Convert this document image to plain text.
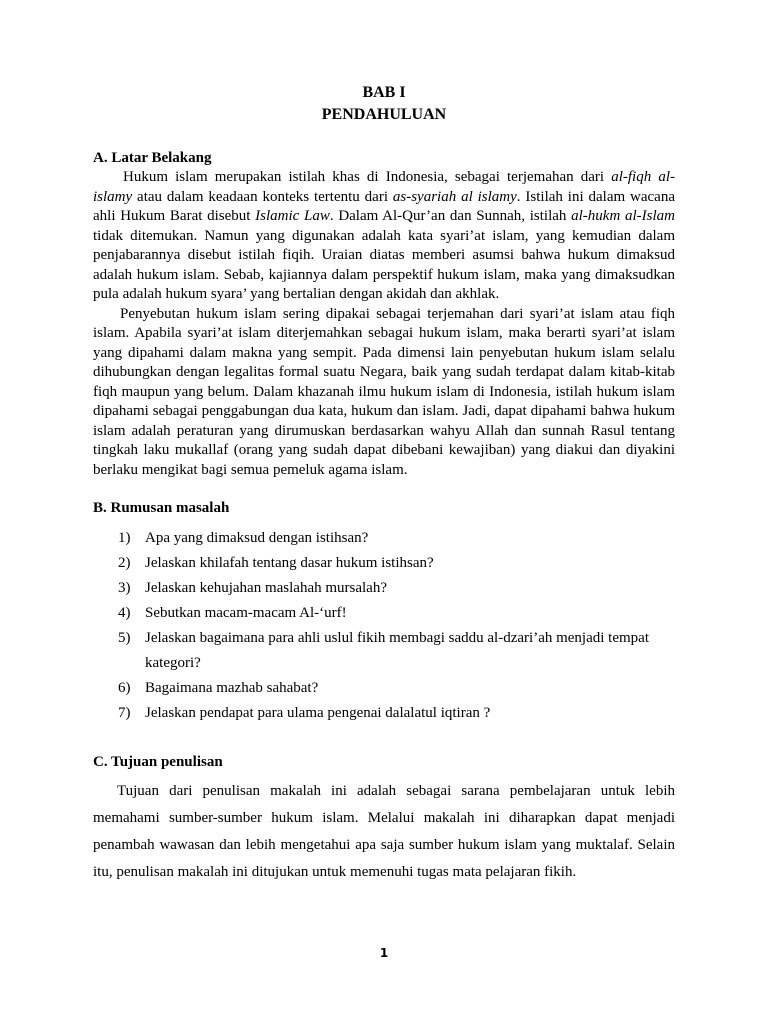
BAB I
PENDAHULUAN
A. Latar Belakang

Hukum islam merupakan istilah khas di Indonesia, sebagai terjemahan dari al-fiqh al-islamy atau dalam keadaan konteks tertentu dari as-syariah al islamy. Istilah ini dalam wacana ahli Hukum Barat disebut Islamic Law. Dalam Al-Qur’an dan Sunnah, istilah al-hukm al-Islam tidak ditemukan. Namun yang digunakan adalah kata syari’at islam, yang kemudian dalam penjabarannya disebut istilah fiqih. Uraian diatas memberi asumsi bahwa hukum dimaksud adalah hukum islam. Sebab, kajiannya dalam perspektif hukum islam, maka yang dimaksudkan pula adalah hukum syara’ yang bertalian dengan akidah dan akhlak.

Penyebutan hukum islam sering dipakai sebagai terjemahan dari syari’at islam atau fiqh islam. Apabila syari’at islam diterjemahkan sebagai hukum islam, maka berarti syari’at islam yang dipahami dalam makna yang sempit. Pada dimensi lain penyebutan hukum islam selalu dihubungkan dengan legalitas formal suatu Negara, baik yang sudah terdapat dalam kitab-kitab fiqh maupun yang belum. Dalam khazanah ilmu hukum islam di Indonesia, istilah hukum islam dipahami sebagai penggabungan dua kata, hukum dan islam. Jadi, dapat dipahami bahwa hukum islam adalah peraturan yang dirumuskan berdasarkan wahyu Allah dan sunnah Rasul tentang tingkah laku mukallaf (orang yang sudah dapat dibebani kewajiban) yang diakui dan diyakini berlaku mengikat bagi semua pemeluk agama islam.

B. Rumusan masalah
1) Apa yang dimaksud dengan istihsan?
2) Jelaskan khilafah tentang dasar hukum istihsan?
3) Jelaskan kehujahan maslahah mursalah?
4) Sebutkan macam-macam Al-‘urf!
5) Jelaskan bagaimana para ahli uslul fikih membagi saddu al-dzari’ah menjadi tempat kategori?
6) Bagaimana mazhab sahabat?
7) Jelaskan pendapat para ulama pengenai dalalatul iqtiran ?
C. Tujuan penulisan

Tujuan dari penulisan makalah ini adalah sebagai sarana pembelajaran untuk lebih memahami sumber-sumber hukum islam. Melalui makalah ini diharapkan dapat menjadi penambah wawasan dan lebih mengetahui apa saja sumber hukum islam yang muktalaf. Selain itu, penulisan makalah ini ditujukan untuk memenuhi tugas mata pelajaran fikih.

1
